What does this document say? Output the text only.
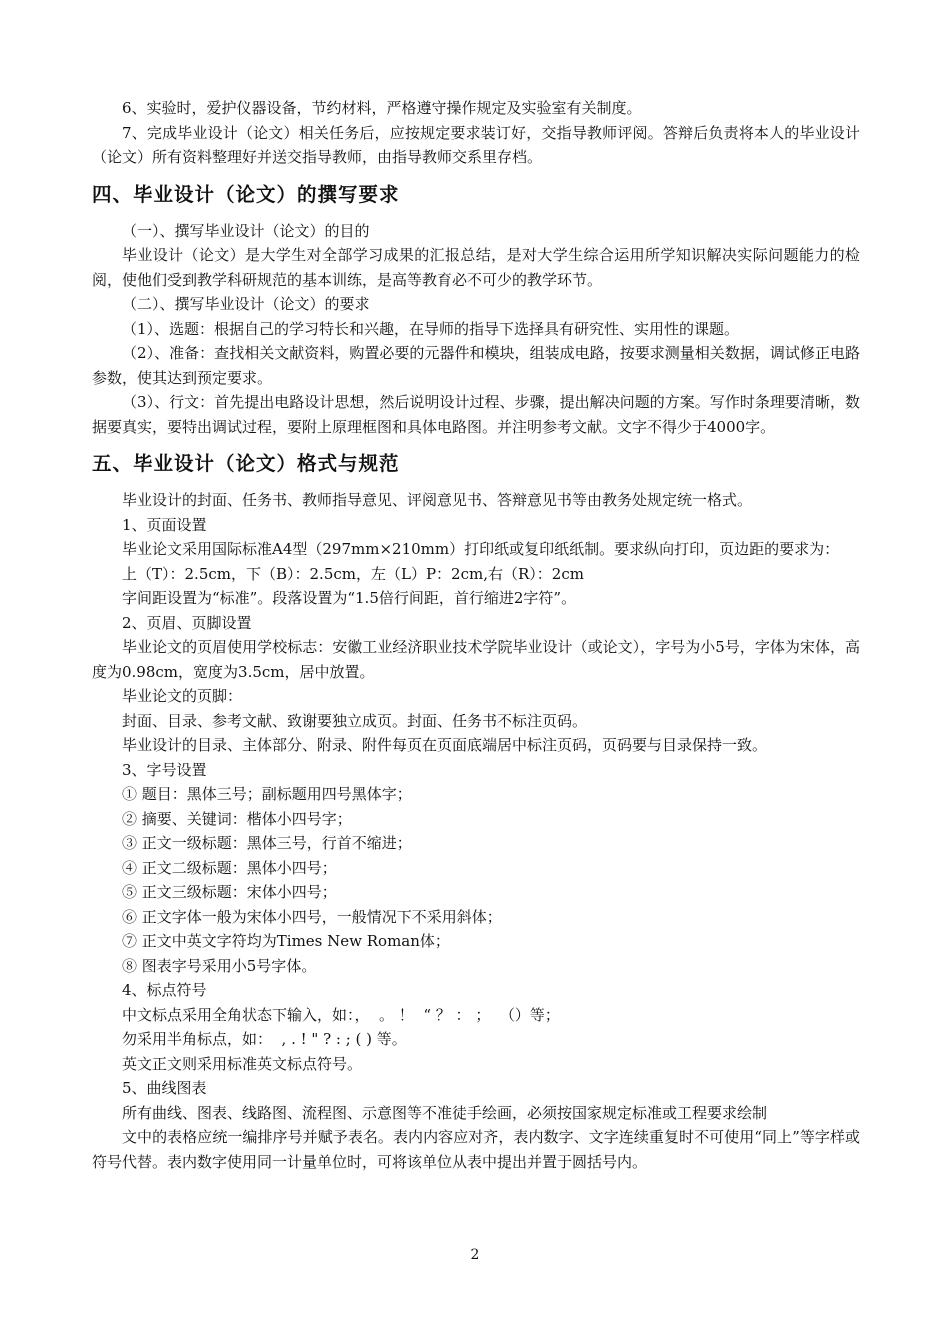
6、实验时，爱护仪器设备，节约材料，严格遵守操作规定及实验室有关制度。

7、完成毕业设计（论文）相关任务后，应按规定要求装订好，交指导教师评阅。答辩后负责将本人的毕业设计（论文）所有资料整理好并送交指导教师，由指导教师交系里存档。

四、毕业设计（论文）的撰写要求

（一）、撰写毕业设计（论文）的目的

毕业设计（论文）是大学生对全部学习成果的汇报总结，是对大学生综合运用所学知识解决实际问题能力的检阅，使他们受到教学科研规范的基本训练，是高等教育必不可少的教学环节。

（二）、撰写毕业设计（论文）的要求

（1）、选题：根据自己的学习特长和兴趣，在导师的指导下选择具有研究性、实用性的课题。

（2）、准备：查找相关文献资料，购置必要的元器件和模块，组装成电路，按要求测量相关数据，调试修正电路参数，使其达到预定要求。

（3）、行文：首先提出电路设计思想，然后说明设计过程、步骤，提出解决问题的方案。写作时条理要清晰，数据要真实，要特出调试过程，要附上原理框图和具体电路图。并注明参考文献。文字不得少于4000字。

五、毕业设计（论文）格式与规范

毕业设计的封面、任务书、教师指导意见、评阅意见书、答辩意见书等由教务处规定统一格式。

1、页面设置

毕业论文采用国际标准A4型（297mm×210mm）打印纸或复印纸纸制。要求纵向打印，页边距的要求为：

上（T）：2.5cm，下（B）：2.5cm，左（L）P：2cm,右（R）：2cm

字间距设置为“标准”。段落设置为“1.5倍行间距，首行缩进2字符”。

2、页眉、页脚设置

毕业论文的页眉使用学校标志：安徽工业经济职业技术学院毕业设计（或论文），字号为小5号，字体为宋体，高度为0.98cm，宽度为3.5cm，居中放置。

毕业论文的页脚：

封面、目录、参考文献、致谢要独立成页。封面、任务书不标注页码。

毕业设计的目录、主体部分、附录、附件每页在页面底端居中标注页码，页码要与目录保持一致。

3、字号设置

① 题目：黑体三号；副标题用四号黑体字；

② 摘要、关键词：楷体小四号字；

③ 正文一级标题：黑体三号，行首不缩进；

④ 正文二级标题：黑体小四号；

⑤ 正文三级标题：宋体小四号；

⑥ 正文字体一般为宋体小四号，一般情况下不采用斜体；

⑦ 正文中英文字符均为Times New Roman体；

⑧ 图表字号采用小5号字体。

4、标点符号

中文标点采用全角状态下输入，如：，  。 ！  “ ？ ： ；  （）等；

勿采用半角标点，如：  , . ! " ? : ; ( ) 等。

英文正文则采用标准英文标点符号。

5、曲线图表

所有曲线、图表、线路图、流程图、示意图等不准徒手绘画，必须按国家规定标准或工程要求绘制

文中的表格应统一编排序号并赋予表名。表内内容应对齐，表内数字、文字连续重复时不可使用“同上”等字样或符号代替。表内数字使用同一计量单位时，可将该单位从表中提出并置于圆括号内。

2
